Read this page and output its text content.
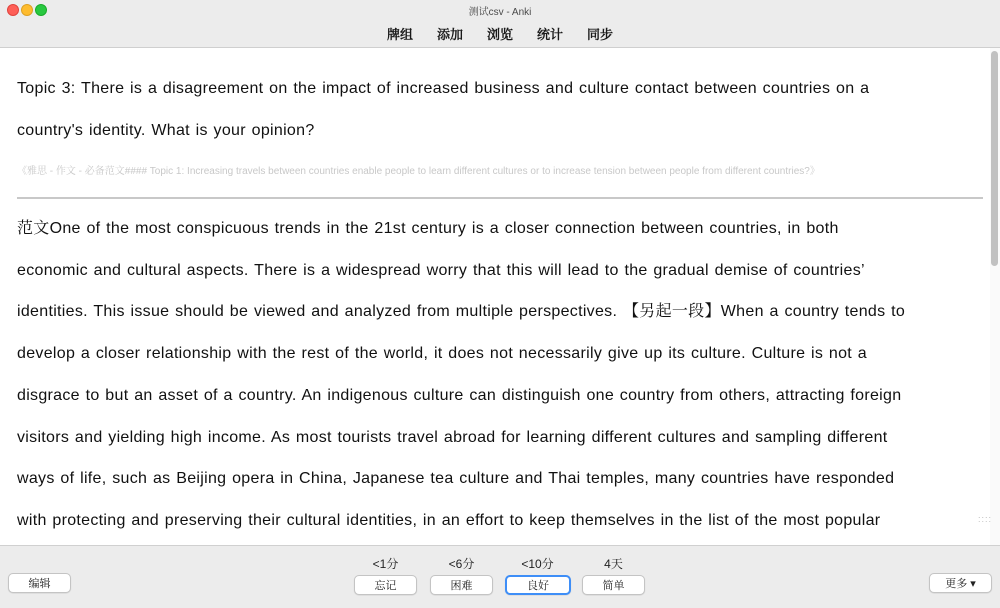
测试csv - Anki
牌组	添加	浏览	统计	同步
Topic 3: There is a disagreement on the impact of increased business and culture contact between countries on a
country's identity. What is your opinion?
《雅思 - 作文 - 必备范文#### Topic 1: Increasing travels between countries enable people to learn different cultures or to increase tension between people from different countries?》
范文One of the most conspicuous trends in the 21st century is a closer connection between countries, in both
economic and cultural aspects. There is a widespread worry that this will lead to the gradual demise of countries’
identities. This issue should be viewed and analyzed from multiple perspectives. 【另起一段】When a country tends to
develop a closer relationship with the rest of the world, it does not necessarily give up its culture. Culture is not a
disgrace to but an asset of a country. An indigenous culture can distinguish one country from others, attracting foreign
visitors and yielding high income. As most tourists travel abroad for learning different cultures and sampling different
ways of life, such as Beijing opera in China, Japanese tea culture and Thai temples, many countries have responded
with protecting and preserving their cultural identities, in an effort to keep themselves in the list of the most popular	::::
编辑
<1分	<6分	<10分	4天
忘记	困难	良好	简单	更多 ▾
